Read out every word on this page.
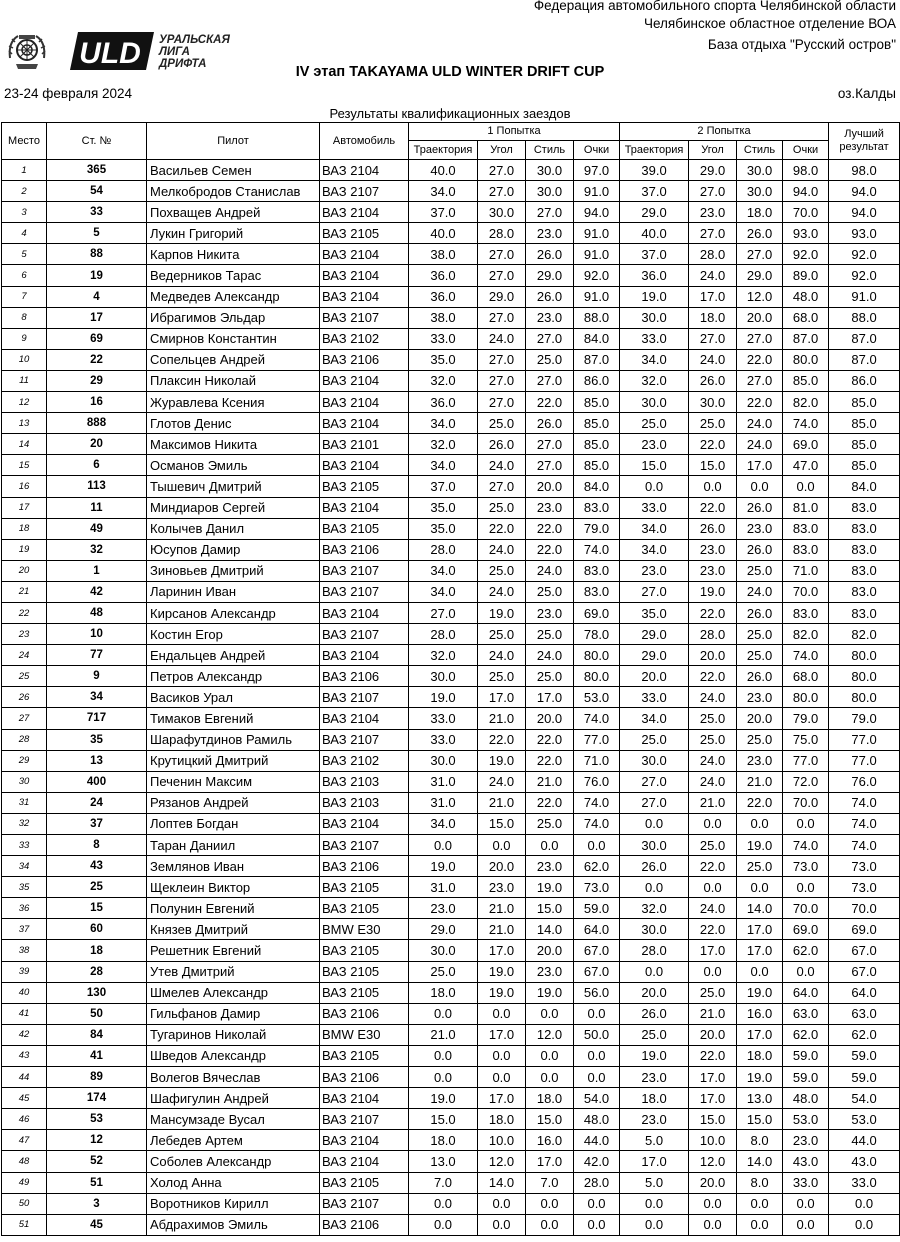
Федерация автомобильного спорта Челябинской области
Челябинское областное отделение ВОА
База отдыха "Русский остров"
ULD УРАЛЬСКАЯ
ЛИГА
ДРИФТА	IV этап TAKAYAMA ULD WINTER DRIFT CUP
23-24 февраля 2024	оз.Калды
Результаты квалификационных заездов
Место	Ст. №	Пилот	Автомобиль	1 Попытка				2 Попытка				Лучший
результат

				Траектория	Угол	Стиль	Очки	Траектория	Угол	Стиль	Очки	
1	365	Васильев Семен	ВАЗ 2104	40.0	27.0	30.0	97.0	39.0	29.0	30.0	98.0	98.0
2	54	Мелкобродов Станислав	ВАЗ 2107	34.0	27.0	30.0	91.0	37.0	27.0	30.0	94.0	94.0
3	33	Похващев Андрей	ВАЗ 2104	37.0	30.0	27.0	94.0	29.0	23.0	18.0	70.0	94.0
4	5	Лукин Григорий	ВАЗ 2105	40.0	28.0	23.0	91.0	40.0	27.0	26.0	93.0	93.0
5	88	Карпов Никита	ВАЗ 2104	38.0	27.0	26.0	91.0	37.0	28.0	27.0	92.0	92.0
6	19	Ведерников Тарас	ВАЗ 2104	36.0	27.0	29.0	92.0	36.0	24.0	29.0	89.0	92.0
7	4	Медведев Александр	ВАЗ 2104	36.0	29.0	26.0	91.0	19.0	17.0	12.0	48.0	91.0
8	17	Ибрагимов Эльдар	ВАЗ 2107	38.0	27.0	23.0	88.0	30.0	18.0	20.0	68.0	88.0
9	69	Смирнов Константин	ВАЗ 2102	33.0	24.0	27.0	84.0	33.0	27.0	27.0	87.0	87.0
10	22	Сопельцев Андрей	ВАЗ 2106	35.0	27.0	25.0	87.0	34.0	24.0	22.0	80.0	87.0
11	29	Плаксин Николай	ВАЗ 2104	32.0	27.0	27.0	86.0	32.0	26.0	27.0	85.0	86.0
12	16	Журавлева Ксения	ВАЗ 2104	36.0	27.0	22.0	85.0	30.0	30.0	22.0	82.0	85.0
13	888	Глотов Денис	ВАЗ 2104	34.0	25.0	26.0	85.0	25.0	25.0	24.0	74.0	85.0
14	20	Максимов Никита	ВАЗ 2101	32.0	26.0	27.0	85.0	23.0	22.0	24.0	69.0	85.0
15	6	Османов Эмиль	ВАЗ 2104	34.0	24.0	27.0	85.0	15.0	15.0	17.0	47.0	85.0
16	113	Тышевич Дмитрий	ВАЗ 2105	37.0	27.0	20.0	84.0	0.0	0.0	0.0	0.0	84.0
17	11	Миндиаров Сергей	ВАЗ 2104	35.0	25.0	23.0	83.0	33.0	22.0	26.0	81.0	83.0
18	49	Колычев Данил	ВАЗ 2105	35.0	22.0	22.0	79.0	34.0	26.0	23.0	83.0	83.0
19	32	Юсупов Дамир	ВАЗ 2106	28.0	24.0	22.0	74.0	34.0	23.0	26.0	83.0	83.0
20	1	Зиновьев Дмитрий	ВАЗ 2107	34.0	25.0	24.0	83.0	23.0	23.0	25.0	71.0	83.0
21	42	Ларинин Иван	ВАЗ 2107	34.0	24.0	25.0	83.0	27.0	19.0	24.0	70.0	83.0
22	48	Кирсанов Александр	ВАЗ 2104	27.0	19.0	23.0	69.0	35.0	22.0	26.0	83.0	83.0
23	10	Костин Егор	ВАЗ 2107	28.0	25.0	25.0	78.0	29.0	28.0	25.0	82.0	82.0
24	77	Ендальцев Андрей	ВАЗ 2104	32.0	24.0	24.0	80.0	29.0	20.0	25.0	74.0	80.0
25	9	Петров Александр	ВАЗ 2106	30.0	25.0	25.0	80.0	20.0	22.0	26.0	68.0	80.0
26	34	Васиков Урал	ВАЗ 2107	19.0	17.0	17.0	53.0	33.0	24.0	23.0	80.0	80.0
27	717	Тимаков Евгений	ВАЗ 2104	33.0	21.0	20.0	74.0	34.0	25.0	20.0	79.0	79.0
28	35	Шарафутдинов Рамиль	ВАЗ 2107	33.0	22.0	22.0	77.0	25.0	25.0	25.0	75.0	77.0
29	13	Крутицкий Дмитрий	ВАЗ 2102	30.0	19.0	22.0	71.0	30.0	24.0	23.0	77.0	77.0
30	400	Печенин Максим	ВАЗ 2103	31.0	24.0	21.0	76.0	27.0	24.0	21.0	72.0	76.0
31	24	Рязанов Андрей	ВАЗ 2103	31.0	21.0	22.0	74.0	27.0	21.0	22.0	70.0	74.0
32	37	Лоптев Богдан	ВАЗ 2104	34.0	15.0	25.0	74.0	0.0	0.0	0.0	0.0	74.0
33	8	Таран Даниил	ВАЗ 2107	0.0	0.0	0.0	0.0	30.0	25.0	19.0	74.0	74.0
34	43	Землянов Иван	ВАЗ 2106	19.0	20.0	23.0	62.0	26.0	22.0	25.0	73.0	73.0
35	25	Щеклеин Виктор	ВАЗ 2105	31.0	23.0	19.0	73.0	0.0	0.0	0.0	0.0	73.0
36	15	Полунин Евгений	ВАЗ 2105	23.0	21.0	15.0	59.0	32.0	24.0	14.0	70.0	70.0
37	60	Князев Дмитрий	BMW E30	29.0	21.0	14.0	64.0	30.0	22.0	17.0	69.0	69.0
38	18	Решетник Евгений	ВАЗ 2105	30.0	17.0	20.0	67.0	28.0	17.0	17.0	62.0	67.0
39	28	Утев Дмитрий	ВАЗ 2105	25.0	19.0	23.0	67.0	0.0	0.0	0.0	0.0	67.0
40	130	Шмелев Александр	ВАЗ 2105	18.0	19.0	19.0	56.0	20.0	25.0	19.0	64.0	64.0
41	50	Гильфанов Дамир	ВАЗ 2106	0.0	0.0	0.0	0.0	26.0	21.0	16.0	63.0	63.0
42	84	Тугаринов Николай	BMW E30	21.0	17.0	12.0	50.0	25.0	20.0	17.0	62.0	62.0
43	41	Шведов Александр	ВАЗ 2105	0.0	0.0	0.0	0.0	19.0	22.0	18.0	59.0	59.0
44	89	Волегов Вячеслав	ВАЗ 2106	0.0	0.0	0.0	0.0	23.0	17.0	19.0	59.0	59.0
45	174	Шафигулин Андрей	ВАЗ 2104	19.0	17.0	18.0	54.0	18.0	17.0	13.0	48.0	54.0
46	53	Мансумзаде Вусал	ВАЗ 2107	15.0	18.0	15.0	48.0	23.0	15.0	15.0	53.0	53.0
47	12	Лебедев Артем	ВАЗ 2104	18.0	10.0	16.0	44.0	5.0	10.0	8.0	23.0	44.0
48	52	Соболев Александр	ВАЗ 2104	13.0	12.0	17.0	42.0	17.0	12.0	14.0	43.0	43.0
49	51	Холод Анна	ВАЗ 2105	7.0	14.0	7.0	28.0	5.0	20.0	8.0	33.0	33.0
50	3	Воротников Кирилл	ВАЗ 2107	0.0	0.0	0.0	0.0	0.0	0.0	0.0	0.0	0.0
51	45	Абдрахимов Эмиль	ВАЗ 2106	0.0	0.0	0.0	0.0	0.0	0.0	0.0	0.0	0.0
